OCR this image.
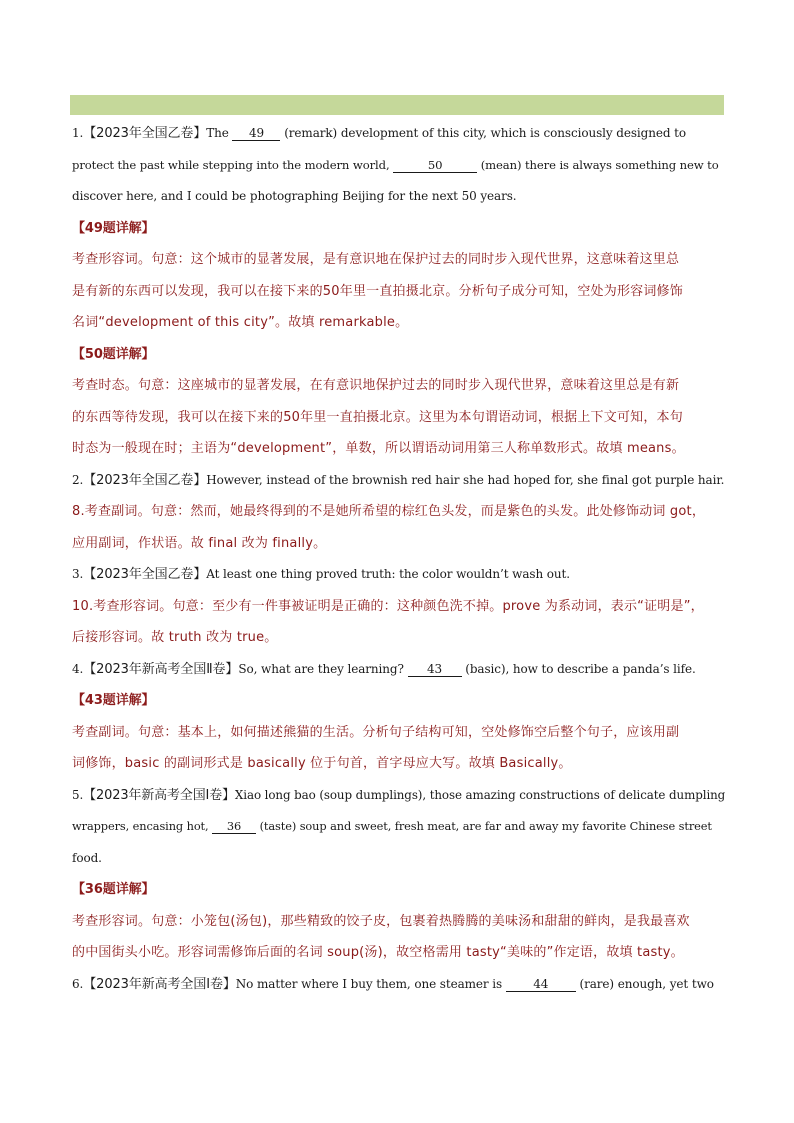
1.【2023年全国乙卷】The 49 (remark) development of this city, which is consciously designed to
protect the past while stepping into the modern world,	50	(mean) there is always something new to
discover here, and I could be photographing Beijing for the next 50 years.
【49题详解】
考查形容词。句意：这个城市的显著发展，是有意识地在保护过去的同时步入现代世界，这意味着这里总
是有新的东西可以发现，我可以在接下来的50年里一直拍摄北京。分析句子成分可知，空处为形容词修饰
名词“development of this city”。故填 remarkable。
【50题详解】
考查时态。句意：这座城市的显著发展，在有意识地保护过去的同时步入现代世界，意味着这里总是有新
的东西等待发现，我可以在接下来的50年里一直拍摄北京。这里为本句谓语动词，根据上下文可知，本句
时态为一般现在时；主语为“development”，单数，所以谓语动词用第三人称单数形式。故填 means。
2.【2023年全国乙卷】However, instead of the brownish red hair she had hoped for, she final got purple hair.
8.考查副词。句意：然而，她最终得到的不是她所希望的棕红色头发，而是紫色的头发。此处修饰动词 got，
应用副词，作状语。故 final 改为 finally。
3.【2023年全国乙卷】At least one thing proved truth: the color wouldn’t wash out.
10.考查形容词。句意：至少有一件事被证明是正确的：这种颜色洗不掉。prove 为系动词，表示“证明是”，
后接形容词。故 truth 改为 true。
4.【2023年新高考全国Ⅱ卷】So, what are they learning? 43 (basic), how to describe a panda’s life.
【43题详解】
考查副词。句意：基本上，如何描述熊猫的生活。分析句子结构可知，空处修饰空后整个句子，应该用副
词修饰，basic 的副词形式是 basically 位于句首，首字母应大写。故填 Basically。
5.【2023年新高考全国Ⅰ卷】Xiao long bao (soup dumplings), those amazing constructions of delicate dumpling
wrappers, encasing hot, 36 (taste) soup and sweet, fresh meat, are far and away my favorite Chinese street
food.
【36题详解】
考查形容词。句意：小笼包(汤包)，那些精致的饺子皮，包裹着热腾腾的美味汤和甜甜的鲜肉，是我最喜欢
的中国街头小吃。形容词需修饰后面的名词 soup(汤)，故空格需用 tasty“美味的”作定语，故填 tasty。
6.【2023年新高考全国Ⅰ卷】No matter where I buy them, one steamer is 44 (rare) enough, yet two
